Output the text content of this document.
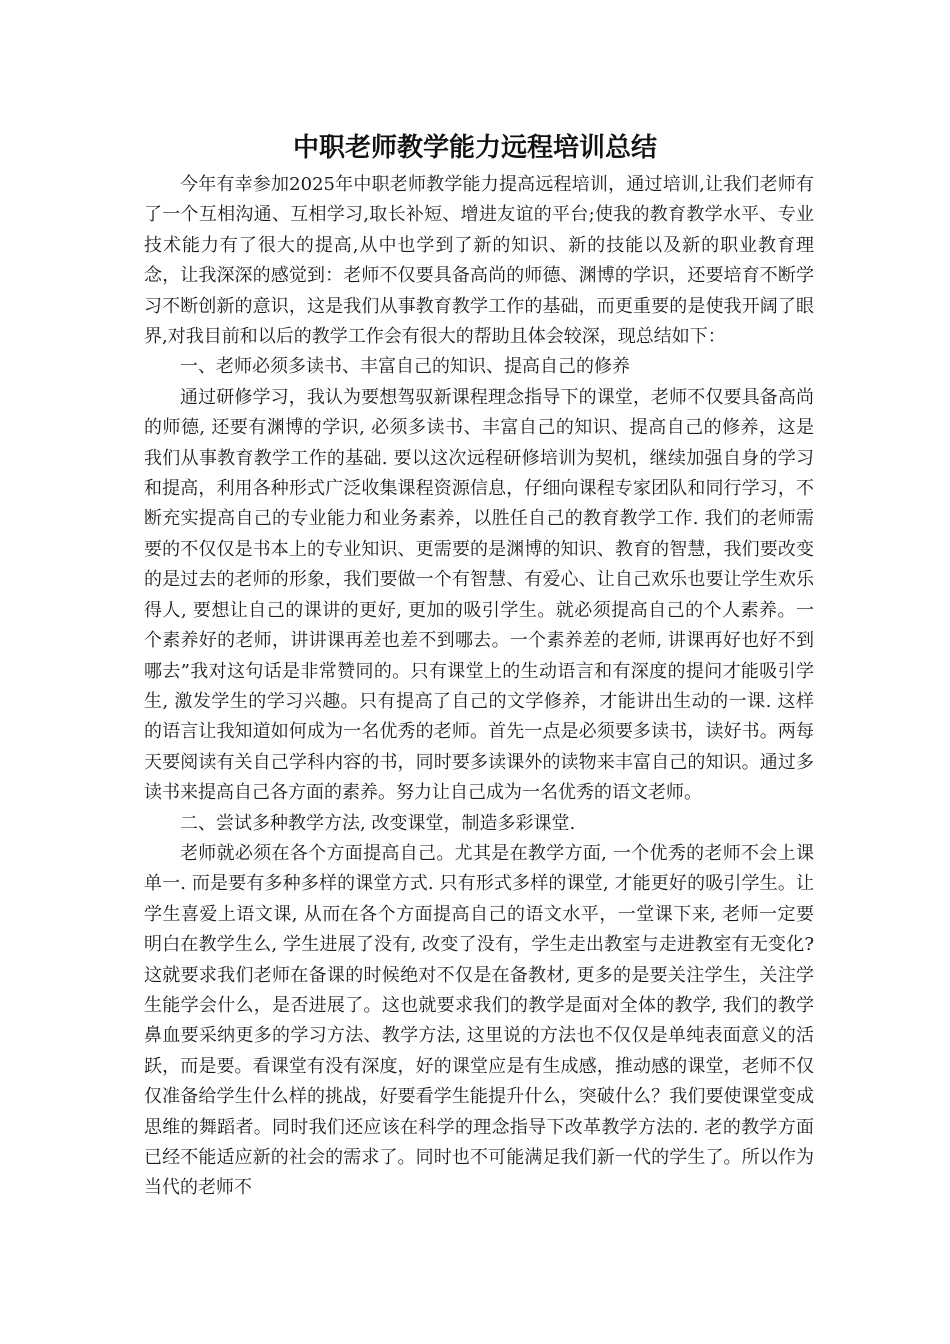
中职老师教学能力远程培训总结

今年有幸参加2025年中职老师教学能力提高远程培训，通过培训,让我们老师有了一个互相沟通、互相学习,取长补短、增进友谊的平台;使我的教育教学水平、专业技术能力有了很大的提高,从中也学到了新的知识、新的技能以及新的职业教育理念，让我深深的感觉到：老师不仅要具备高尚的师德、渊博的学识，还要培育不断学习不断创新的意识，这是我们从事教育教学工作的基础，而更重要的是使我开阔了眼界,对我目前和以后的教学工作会有很大的帮助且体会较深，现总结如下：

一、老师必须多读书、丰富自己的知识、提高自己的修养

通过研修学习，我认为要想驾驭新课程理念指导下的课堂，老师不仅要具备高尚的师德, 还要有渊博的学识, 必须多读书、丰富自己的知识、提高自己的修养，这是我们从事教育教学工作的基础. 要以这次远程研修培训为契机，继续加强自身的学习和提高，利用各种形式广泛收集课程资源信息，仔细向课程专家团队和同行学习，不断充实提高自己的专业能力和业务素养，以胜任自己的教育教学工作. 我们的老师需要的不仅仅是书本上的专业知识、更需要的是渊博的知识、教育的智慧，我们要改变的是过去的老师的形象，我们要做一个有智慧、有爱心、让自己欢乐也要让学生欢乐得人, 要想让自己的课讲的更好, 更加的吸引学生。就必须提高自己的个人素养。一个素养好的老师，讲讲课再差也差不到哪去。一个素养差的老师, 讲课再好也好不到哪去”我对这句话是非常赞同的。只有课堂上的生动语言和有深度的提问才能吸引学生, 激发学生的学习兴趣。只有提高了自己的文学修养，才能讲出生动的一课. 这样的语言让我知道如何成为一名优秀的老师。首先一点是必须要多读书，读好书。两每天要阅读有关自己学科内容的书，同时要多读课外的读物来丰富自己的知识。通过多读书来提高自己各方面的素养。努力让自己成为一名优秀的语文老师。

二、尝试多种教学方法, 改变课堂，制造多彩课堂.

老师就必须在各个方面提高自己。尤其是在教学方面, 一个优秀的老师不会上课单一. 而是要有多种多样的课堂方式. 只有形式多样的课堂, 才能更好的吸引学生。让学生喜爱上语文课, 从而在各个方面提高自己的语文水平，一堂课下来, 老师一定要明白在教学生么, 学生进展了没有, 改变了没有，学生走出教室与走进教室有无变化?这就要求我们老师在备课的时候绝对不仅是在备教材, 更多的是要关注学生，关注学生能学会什么，是否进展了。这也就要求我们的教学是面对全体的教学, 我们的教学鼻血要采纳更多的学习方法、教学方法, 这里说的方法也不仅仅是单纯表面意义的活跃，而是要。看课堂有没有深度，好的课堂应是有生成感，推动感的课堂，老师不仅仅准备给学生什么样的挑战，好要看学生能提升什么，突破什么？我们要使课堂变成思维的舞蹈者。同时我们还应该在科学的理念指导下改革教学方法的. 老的教学方面已经不能适应新的社会的需求了。同时也不可能满足我们新一代的学生了。所以作为当代的老师不
